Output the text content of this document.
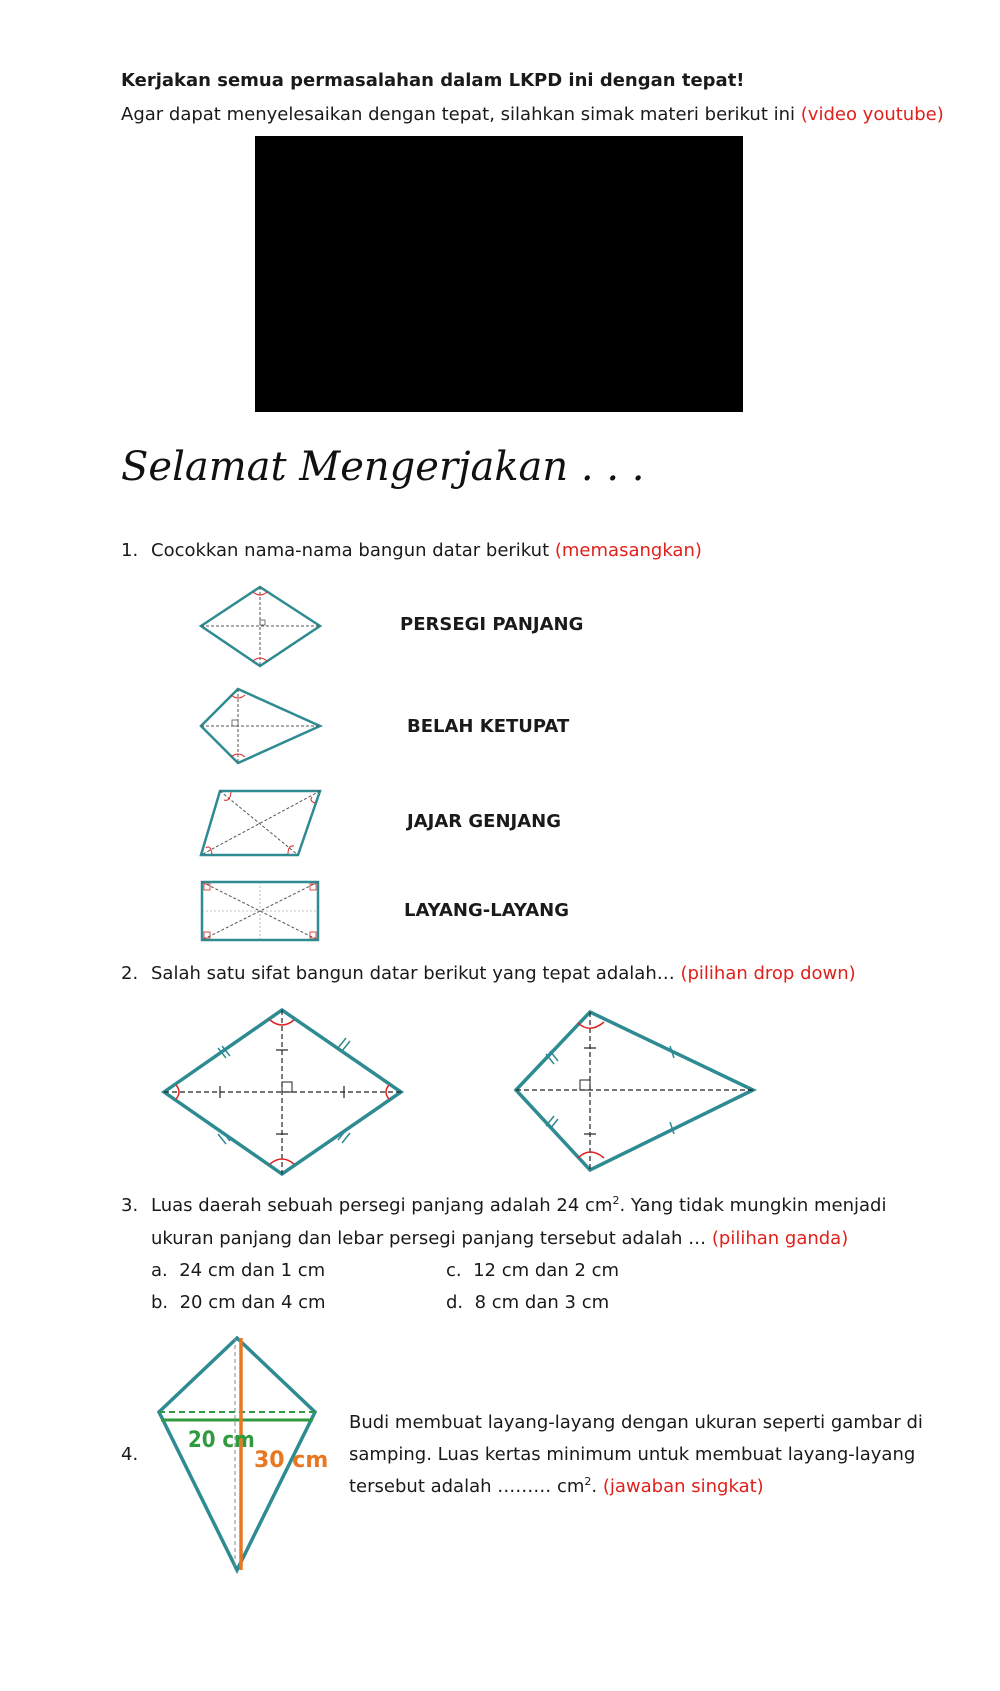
Kerjakan semua permasalahan dalam LKPD ini dengan tepat!
Agar dapat menyelesaikan dengan tepat, silahkan simak materi berikut ini (video youtube)
Selamat Mengerjakan . . .
1. Cocokkan nama-nama bangun datar berikut (memasangkan)
PERSEGI PANJANG
BELAH KETUPAT
JAJAR GENJANG
LAYANG-LAYANG
2. Salah satu sifat bangun datar berikut yang tepat adalah… (pilihan drop down)
3. Luas daerah sebuah persegi panjang adalah 24 $cm^2$. Yang tidak mungkin menjadi
ukuran panjang dan lebar persegi panjang tersebut adalah … (pilihan ganda)
a. 24 cm dan 1 cm
b. 20 cm dan 4 cm
c. 12 cm dan 2 cm
d. 8 cm dan 3 cm
4.
20 cm
30 cm
Budi membuat layang-layang dengan ukuran seperti gambar di
samping. Luas kertas minimum untuk membuat layang-layang
tersebut adalah ……… $cm^2$. (jawaban singkat)
